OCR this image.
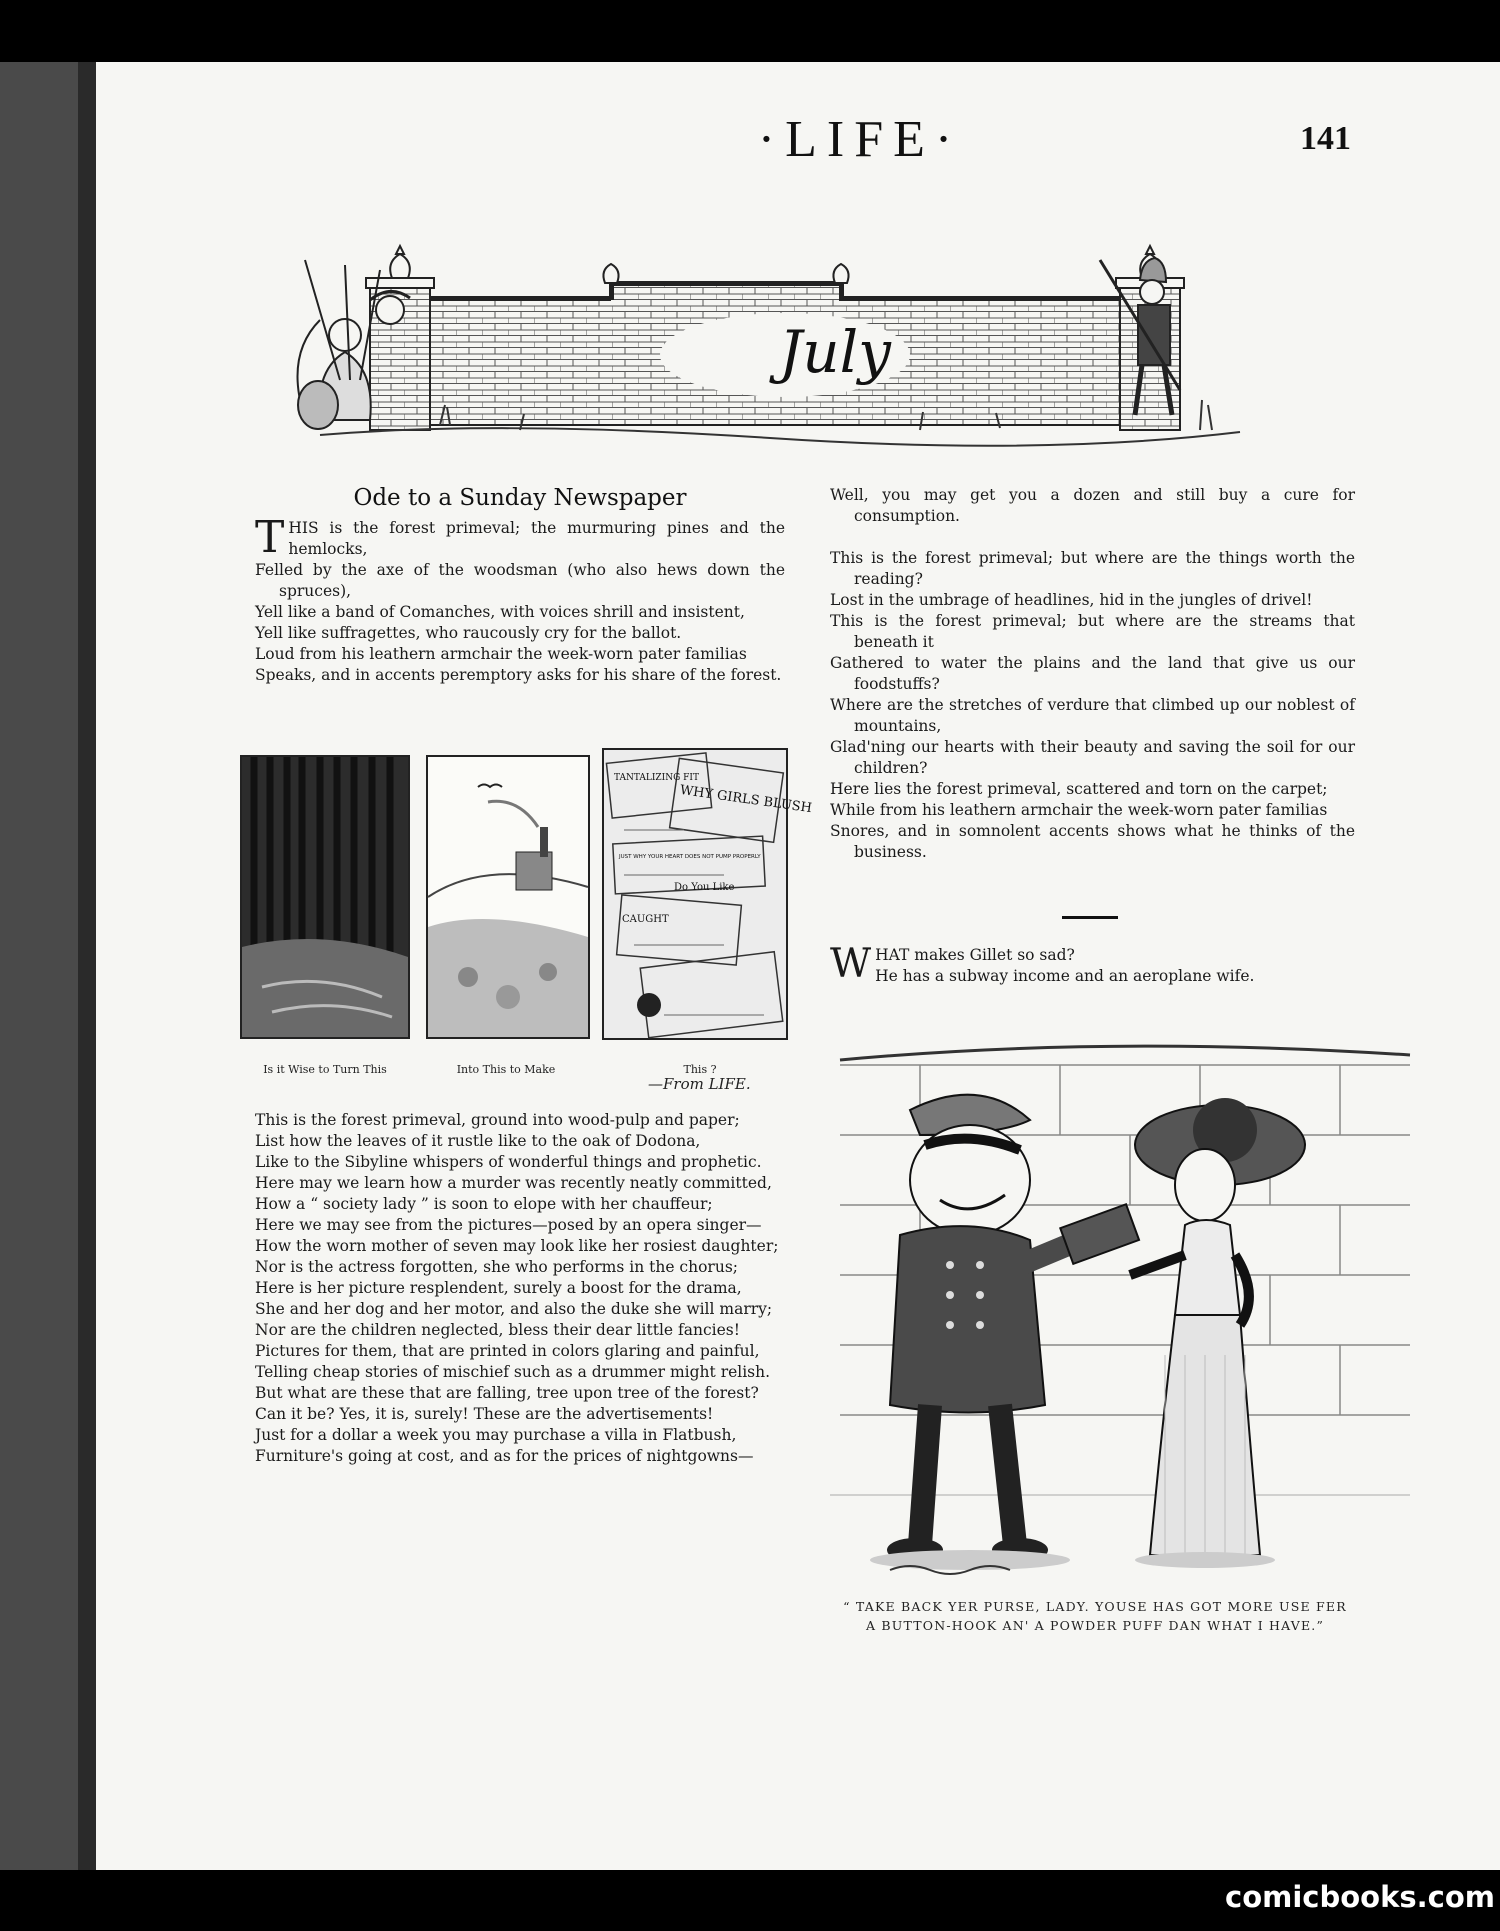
·LIFE·	141
July
Ode to a Sunday Newspaper
T HIS is the forest primeval; the murmuring pines and the hemlocks,

Felled by the axe of the woodsman (who also hews down the spruces),

Yell like a band of Comanches, with voices shrill and insistent,

Yell like suffragettes, who raucously cry for the ballot.

Loud from his leathern armchair the week-worn pater familias

Speaks, and in accents peremptory asks for his share of the forest.

TANTALIZING FIT
WHY GIRLS BLUSH
JUST WHY YOUR HEART DOES NOT PUMP PROPERLY
Do You Like
CAUGHT
Is it Wise to Turn This	Into This to Make	This ?
—From LIFE.

This is the forest primeval, ground into wood-pulp and paper;

List how the leaves of it rustle like to the oak of Dodona,

Like to the Sibyline whispers of wonderful things and prophetic.

Here may we learn how a murder was recently neatly committed,

How a “ society lady ” is soon to elope with her chauffeur;

Here we may see from the pictures—posed by an opera singer—

How the worn mother of seven may look like her rosiest daughter;

Nor is the actress forgotten, she who performs in the chorus;

Here is her picture resplendent, surely a boost for the drama,

She and her dog and her motor, and also the duke she will marry;

Nor are the children neglected, bless their dear little fancies!

Pictures for them, that are printed in colors glaring and painful,

Telling cheap stories of mischief such as a drummer might relish.

But what are these that are falling, tree upon tree of the forest?

Can it be? Yes, it is, surely! These are the advertisements!

Just for a dollar a week you may purchase a villa in Flatbush,

Furniture's going at cost, and as for the prices of nightgowns—

Well, you may get you a dozen and still buy a cure for consumption.

This is the forest primeval; but where are the things worth the reading?

Lost in the umbrage of headlines, hid in the jungles of drivel!

This is the forest primeval; but where are the streams that beneath it

Gathered to water the plains and the land that give us our foodstuffs?

Where are the stretches of verdure that climbed up our noblest of mountains,

Glad'ning our hearts with their beauty and saving the soil for our children?

Here lies the forest primeval, scattered and torn on the carpet;

While from his leathern armchair the week-worn pater familias

Snores, and in somnolent accents shows what he thinks of the business.

W HAT makes Gillet so sad?

He has a subway income and an aeroplane wife.

“ TAKE BACK YER PURSE, LADY. YOUSE HAS GOT MORE USE FER
A BUTTON-HOOK AN' A POWDER PUFF DAN WHAT I HAVE.”
comicbooks.com
